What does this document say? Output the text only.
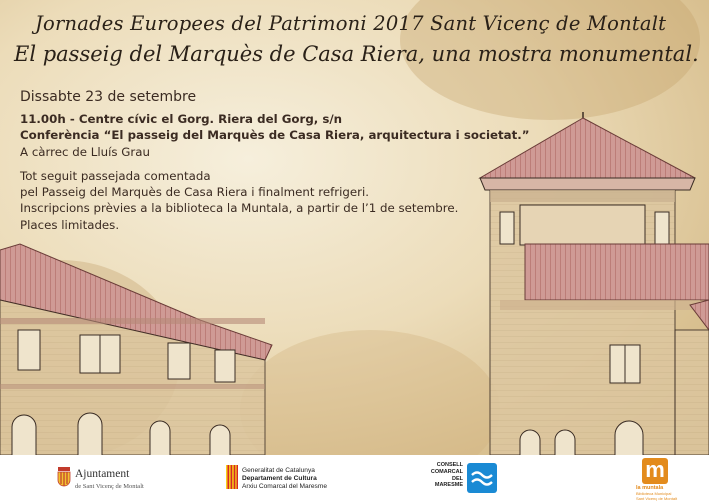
Jornades Europees del Patrimoni 2017 Sant Vicenç de Montalt
El passeig del Marquès de Casa Riera, una mostra monumental.
Dissabte 23 de setembre
11.00h - Centre cívic el Gorg. Riera del Gorg, s/n
Conferència “El passeig del Marquès de Casa Riera, arquitectura i societat.”
A càrrec de Lluís Grau
Tot seguit passejada comentada
pel Passeig del Marquès de Casa Riera i finalment refrigeri.
Inscripcions prèvies a la biblioteca la Muntala, a partir de l’1 de setembre.
Places limitades.
Ajuntament
de Sant Vicenç de Montalt
Generalitat de Catalunya
Departament de Cultura
Arxiu Comarcal del Maresme
CONSELL
COMARCAL
DEL
MARESME
m
la muntala
Biblioteca Municipal
Sant Vicenç de Montalt
